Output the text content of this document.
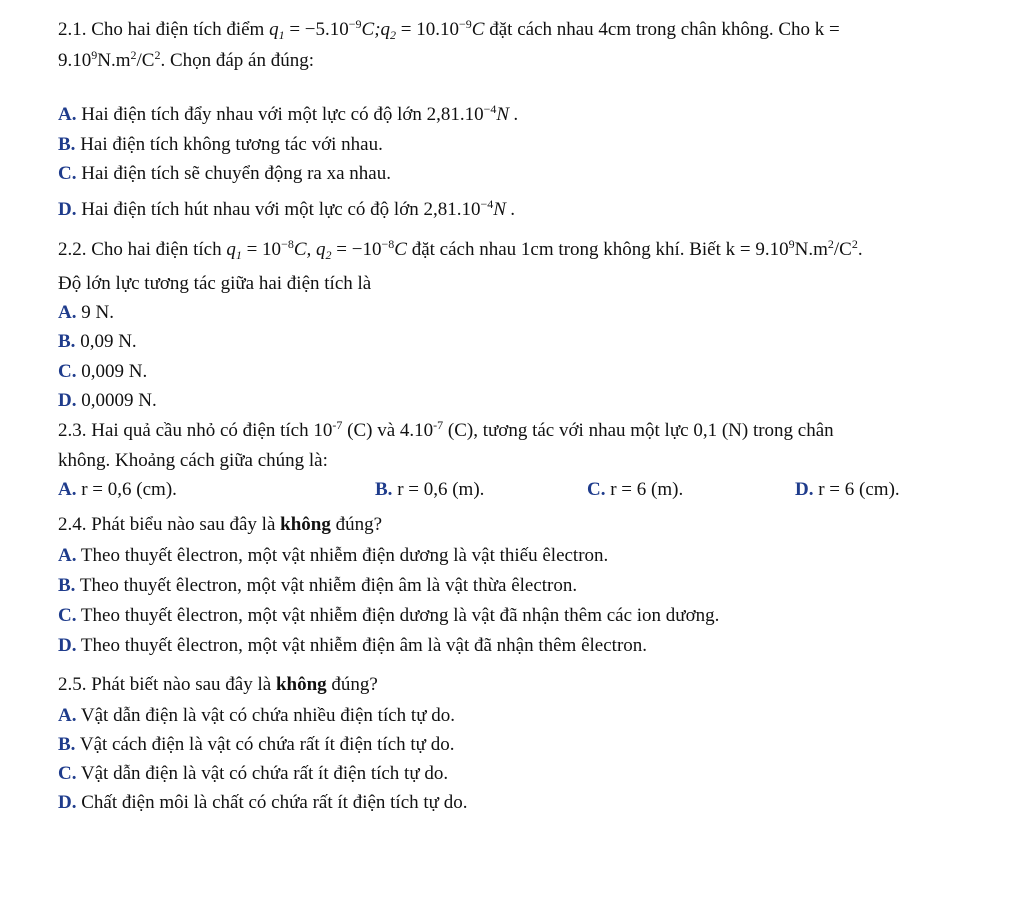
2.1. Cho hai điện tích điểm $q_1$ = $-5.10^{-9}C;q_2 = 10.10^{-9}C$ đặt cách nhau 4cm trong chân không. Cho k =
$9.10^9N.m^2/C^2$. Chọn đáp án đúng:
A. Hai điện tích đẩy nhau với một lực có độ lớn $2,81.10^{-4}N$ .
B. Hai điện tích không tương tác với nhau.
C. Hai điện tích sẽ chuyển động ra xa nhau.
D. Hai điện tích hút nhau với một lực có độ lớn $2,81.10^{-4}N$ .
2.2. Cho hai điện tích $q_1 = 10^{-8}C$, $q_2 = -10^{-8}C$ đặt cách nhau 1cm trong không khí. Biết $k = 9.10^9N.m^2/C^2$.
Độ lớn lực tương tác giữa hai điện tích là
A. 9 N.
B. 0,09 N.
C. 0,009 N.
D. 0,0009 N.
2.3. Hai quả cầu nhỏ có điện tích $10^{-7}$ (C) và $4.10^{-7}$ (C), tương tác với nhau một lực 0,1 (N) trong chân
không. Khoảng cách giữa chúng là:
A. r = 0,6 (cm).	B. r = 0,6 (m).	C. r = 6 (m).	D. r = 6 (cm).
2.4. Phát biểu nào sau đây là không đúng?
A. Theo thuyết êlectron, một vật nhiễm điện dương là vật thiếu êlectron.
B. Theo thuyết êlectron, một vật nhiễm điện âm là vật thừa êlectron.
C. Theo thuyết êlectron, một vật nhiễm điện dương là vật đã nhận thêm các ion dương.
D. Theo thuyết êlectron, một vật nhiễm điện âm là vật đã nhận thêm êlectron.
2.5. Phát biết nào sau đây là không đúng?
A. Vật dẫn điện là vật có chứa nhiều điện tích tự do.
B. Vật cách điện là vật có chứa rất ít điện tích tự do.
C. Vật dẫn điện là vật có chứa rất ít điện tích tự do.
D. Chất điện môi là chất có chứa rất ít điện tích tự do.
